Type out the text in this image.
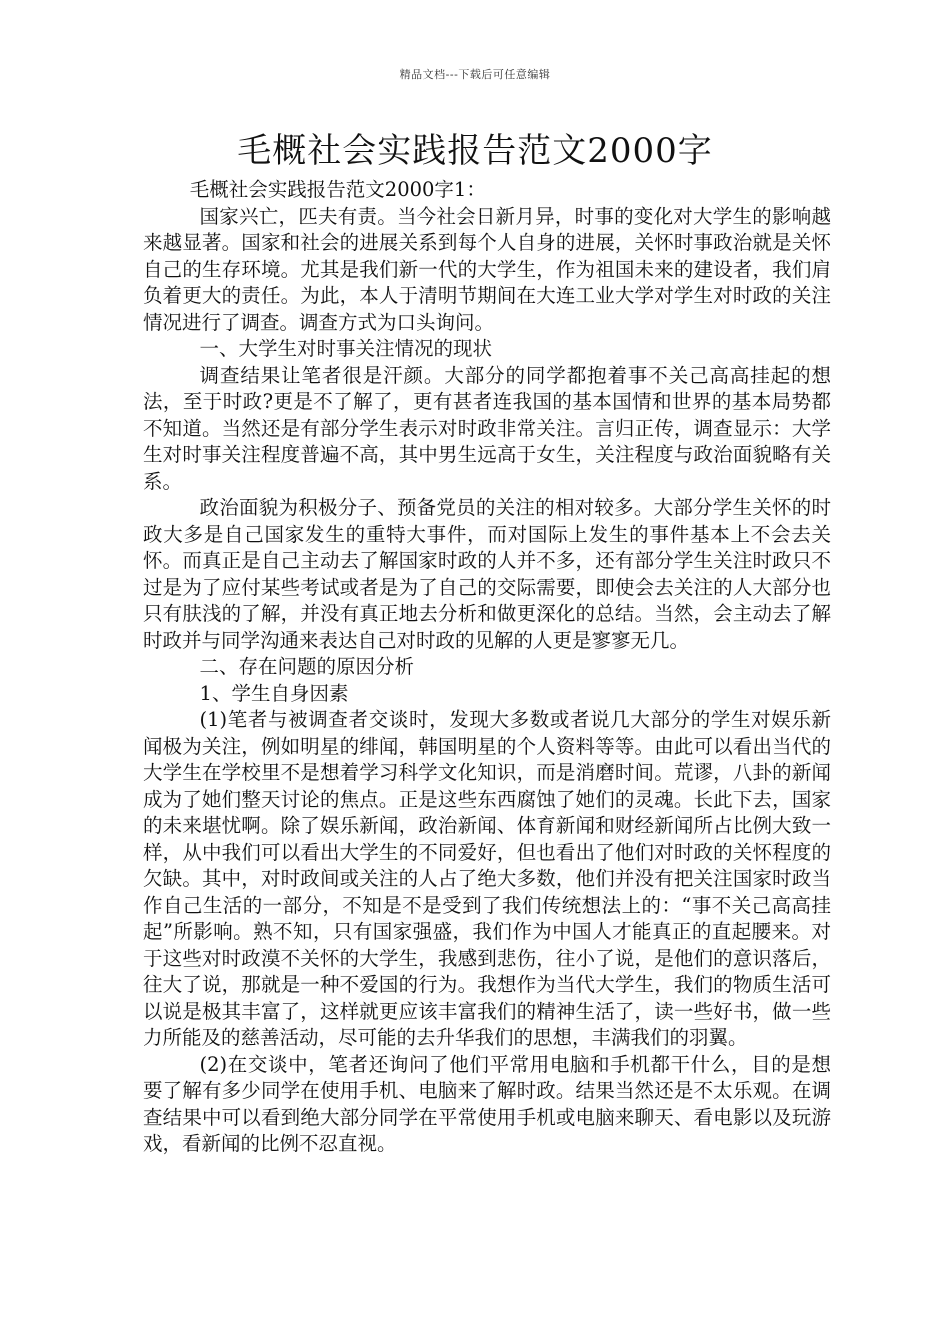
精品文档---下载后可任意编辑
毛概社会实践报告范文2000字

毛概社会实践报告范文2000字1：

国家兴亡，匹夫有责。当今社会日新月异，时事的变化对大学生的影响越来越显著。国家和社会的进展关系到每个人自身的进展，关怀时事政治就是关怀自己的生存环境。尤其是我们新一代的大学生，作为祖国未来的建设者，我们肩负着更大的责任。为此，本人于清明节期间在大连工业大学对学生对时政的关注情况进行了调查。调查方式为口头询问。

一、大学生对时事关注情况的现状

调查结果让笔者很是汗颜。大部分的同学都抱着事不关己高高挂起的想法，至于时政?更是不了解了，更有甚者连我国的基本国情和世界的基本局势都不知道。当然还是有部分学生表示对时政非常关注。言归正传，调查显示：大学生对时事关注程度普遍不高，其中男生远高于女生，关注程度与政治面貌略有关系。

政治面貌为积极分子、预备党员的关注的相对较多。大部分学生关怀的时政大多是自己国家发生的重特大事件，而对国际上发生的事件基本上不会去关怀。而真正是自己主动去了解国家时政的人并不多，还有部分学生关注时政只不过是为了应付某些考试或者是为了自己的交际需要，即使会去关注的人大部分也只有肤浅的了解，并没有真正地去分析和做更深化的总结。当然，会主动去了解时政并与同学沟通来表达自己对时政的见解的人更是寥寥无几。

二、存在问题的原因分析

1、学生自身因素

(1)笔者与被调查者交谈时，发现大多数或者说几大部分的学生对娱乐新闻极为关注，例如明星的绯闻，韩国明星的个人资料等等。由此可以看出当代的大学生在学校里不是想着学习科学文化知识，而是消磨时间。荒谬，八卦的新闻成为了她们整天讨论的焦点。正是这些东西腐蚀了她们的灵魂。长此下去，国家的未来堪忧啊。除了娱乐新闻，政治新闻、体育新闻和财经新闻所占比例大致一样，从中我们可以看出大学生的不同爱好，但也看出了他们对时政的关怀程度的欠缺。其中，对时政间或关注的人占了绝大多数，他们并没有把关注国家时政当作自己生活的一部分，不知是不是受到了我们传统想法上的：“事不关己高高挂起”所影响。熟不知，只有国家强盛，我们作为中国人才能真正的直起腰来。对于这些对时政漠不关怀的大学生，我感到悲伤，往小了说，是他们的意识落后，往大了说，那就是一种不爱国的行为。我想作为当代大学生，我们的物质生活可以说是极其丰富了，这样就更应该丰富我们的精神生活了，读一些好书，做一些力所能及的慈善活动，尽可能的去升华我们的思想，丰满我们的羽翼。

(2)在交谈中，笔者还询问了他们平常用电脑和手机都干什么，目的是想要了解有多少同学在使用手机、电脑来了解时政。结果当然还是不太乐观。在调查结果中可以看到绝大部分同学在平常使用手机或电脑来聊天、看电影以及玩游戏，看新闻的比例不忍直视。
